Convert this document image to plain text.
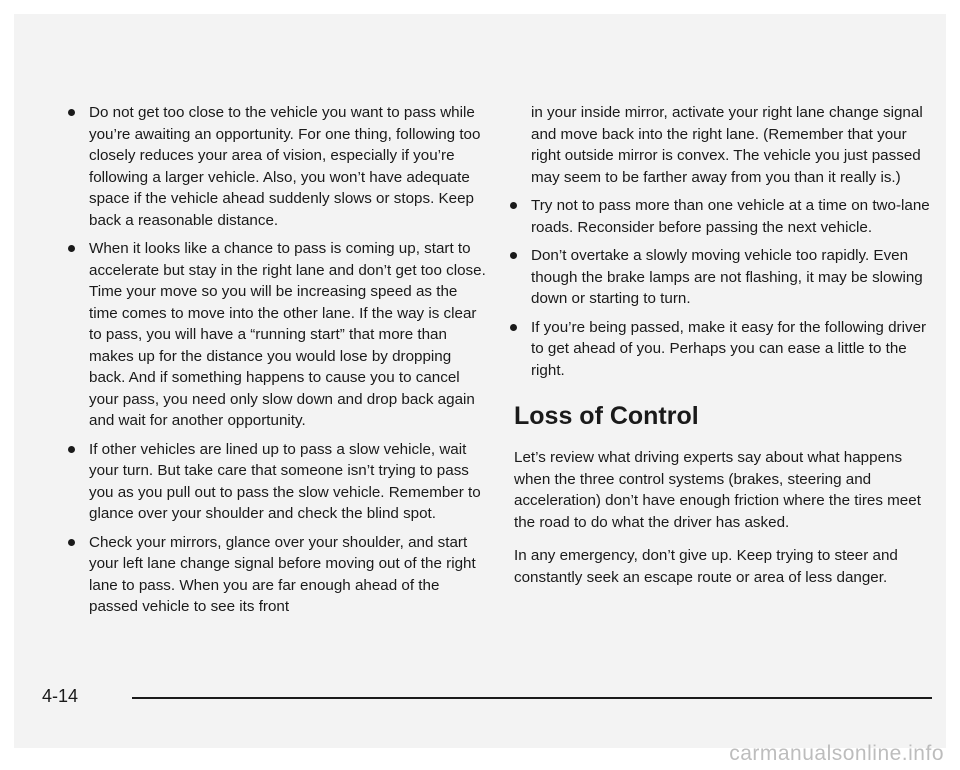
Do not get too close to the vehicle you want to pass while you’re awaiting an opportunity. For one thing, following too closely reduces your area of vision, especially if you’re following a larger vehicle. Also, you won’t have adequate space if the vehicle ahead suddenly slows or stops. Keep back a reasonable distance.
When it looks like a chance to pass is coming up, start to accelerate but stay in the right lane and don’t get too close. Time your move so you will be increasing speed as the time comes to move into the other lane. If the way is clear to pass, you will have a “running start” that more than makes up for the distance you would lose by dropping back. And if something happens to cause you to cancel your pass, you need only slow down and drop back again and wait for another opportunity.
If other vehicles are lined up to pass a slow vehicle, wait your turn. But take care that someone isn’t trying to pass you as you pull out to pass the slow vehicle. Remember to glance over your shoulder and check the blind spot.
Check your mirrors, glance over your shoulder, and start your left lane change signal before moving out of the right lane to pass. When you are far enough ahead of the passed vehicle to see its front
in your inside mirror, activate your right lane change signal and move back into the right lane. (Remember that your right outside mirror is convex. The vehicle you just passed may seem to be farther away from you than it really is.)
Try not to pass more than one vehicle at a time on two-lane roads. Reconsider before passing the next vehicle.
Don’t overtake a slowly moving vehicle too rapidly. Even though the brake lamps are not flashing, it may be slowing down or starting to turn.
If you’re being passed, make it easy for the following driver to get ahead of you. Perhaps you can ease a little to the right.
Loss of Control
Let’s review what driving experts say about what happens when the three control systems (brakes, steering and acceleration) don’t have enough friction where the tires meet the road to do what the driver has asked.
In any emergency, don’t give up. Keep trying to steer and constantly seek an escape route or area of less danger.
4-14
carmanualsonline.info
